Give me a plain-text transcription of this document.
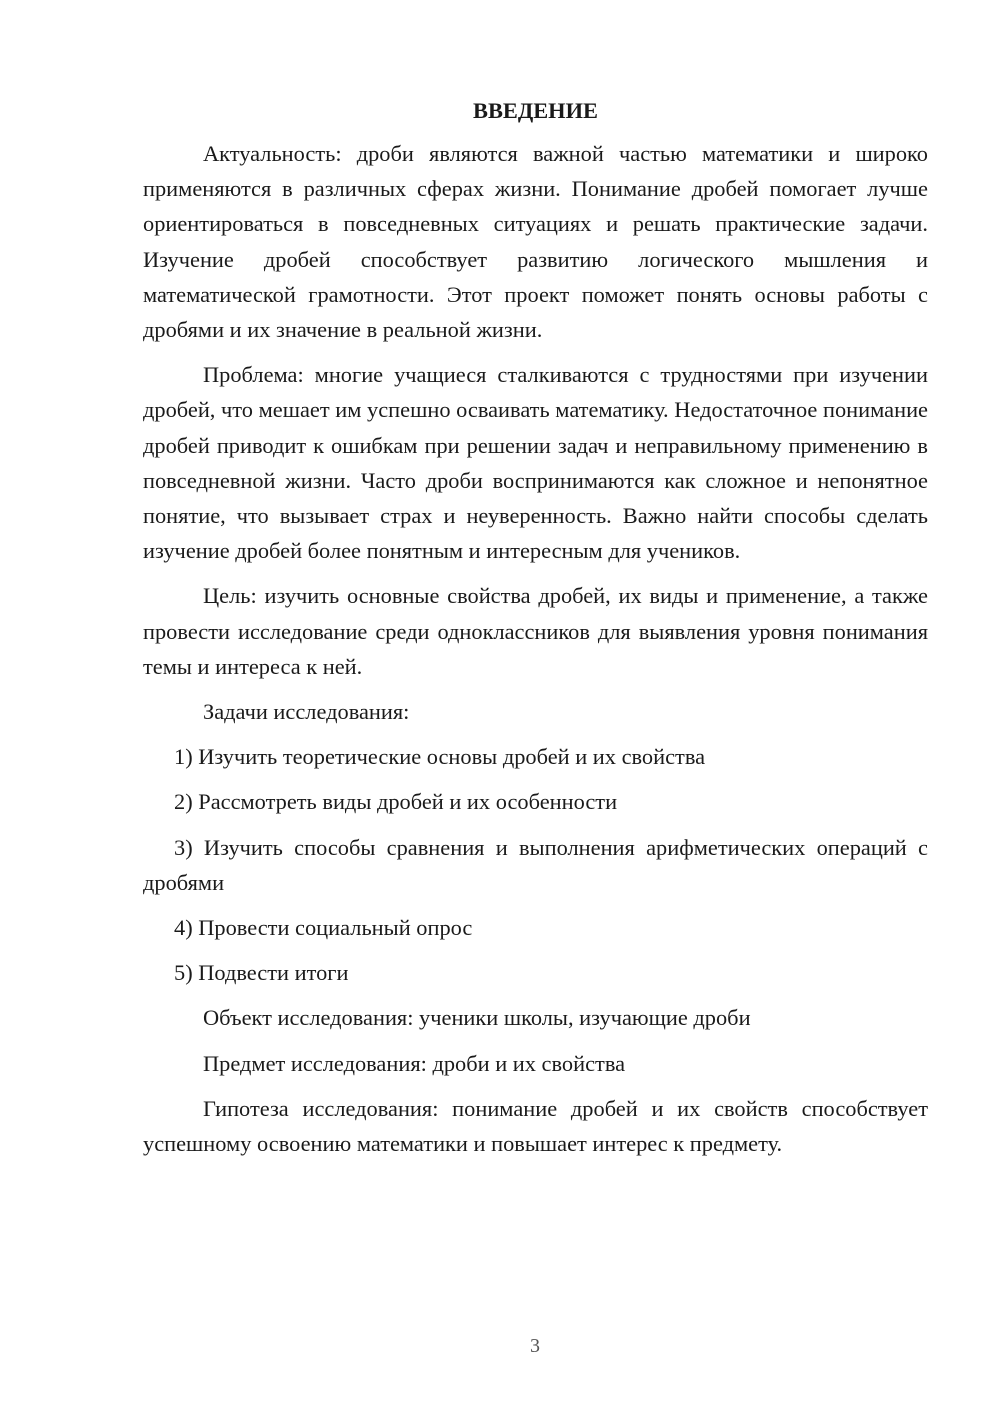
ВВЕДЕНИЕ

Актуальность: дроби являются важной частью математики и широко применяются в различных сферах жизни. Понимание дробей помогает лучше ориентироваться в повседневных ситуациях и решать практические задачи. Изучение дробей способствует развитию логического мышления и математической грамотности. Этот проект поможет понять основы работы с дробями и их значение в реальной жизни.

Проблема: многие учащиеся сталкиваются с трудностями при изучении дробей, что мешает им успешно осваивать математику. Недостаточное понимание дробей приводит к ошибкам при решении задач и неправильному применению в повседневной жизни. Часто дроби воспринимаются как сложное и непонятное понятие, что вызывает страх и неуверенность. Важно найти способы сделать изучение дробей более понятным и интересным для учеников.

Цель: изучить основные свойства дробей, их виды и применение, а также провести исследование среди одноклассников для выявления уровня понимания темы и интереса к ней.

Задачи исследования:
1) Изучить теоретические основы дробей и их свойства
2) Рассмотреть виды дробей и их особенности
3) Изучить способы сравнения и выполнения арифметических операций с дробями
4) Провести социальный опрос
5) Подвести итоги
Объект исследования: ученики школы, изучающие дроби
Предмет исследования: дроби и их свойства

Гипотеза исследования: понимание дробей и их свойств способствует успешному освоению математики и повышает интерес к предмету.

3
